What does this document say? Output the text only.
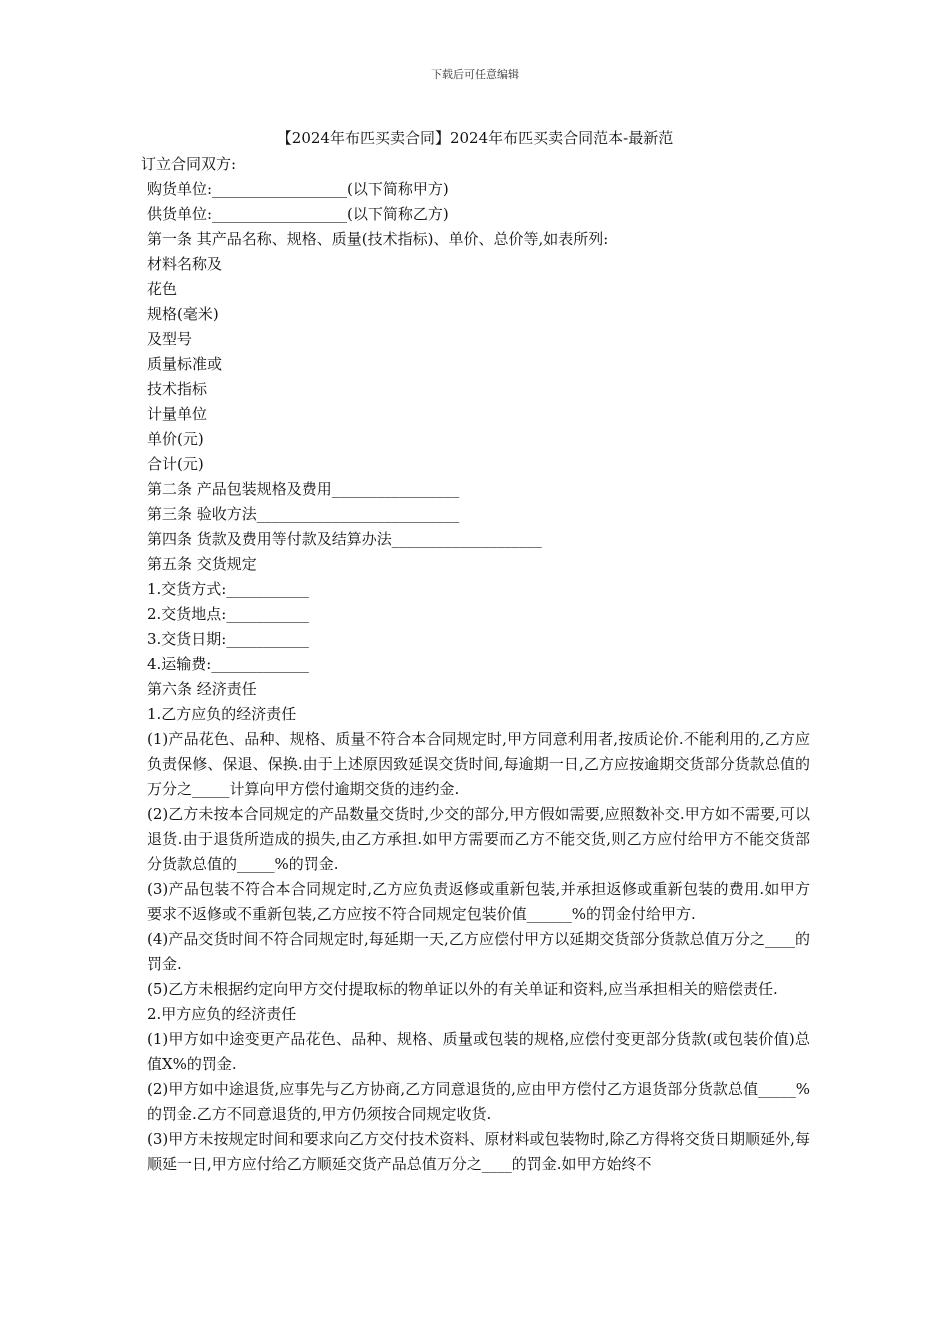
下载后可任意编辑
【2024年布匹买卖合同】2024年布匹买卖合同范本-最新范

订立合同双方:

购货单位:__________________(以下简称甲方)

供货单位:__________________(以下简称乙方)

第一条 其产品名称、规格、质量(技术指标)、单价、总价等,如表所列:

材料名称及

花色

规格(毫米)

及型号

质量标准或

技术指标

计量单位

单价(元)

合计(元)

第二条 产品包装规格及费用_________________

第三条 验收方法___________________________

第四条 货款及费用等付款及结算办法____________________

第五条 交货规定

1.交货方式:___________

2.交货地点:___________

3.交货日期:___________

4.运输费:_____________

第六条 经济责任

1.乙方应负的经济责任

(1)产品花色、品种、规格、质量不符合本合同规定时,甲方同意利用者,按质论价.不能利用的,乙方应负责保修、保退、保换.由于上述原因致延误交货时间,每逾期一日,乙方应按逾期交货部分货款总值的万分之_____计算向甲方偿付逾期交货的违约金.

(2)乙方未按本合同规定的产品数量交货时,少交的部分,甲方假如需要,应照数补交.甲方如不需要,可以退货.由于退货所造成的损失,由乙方承担.如甲方需要而乙方不能交货,则乙方应付给甲方不能交货部分货款总值的_____%的罚金.

(3)产品包装不符合本合同规定时,乙方应负责返修或重新包装,并承担返修或重新包装的费用.如甲方要求不返修或不重新包装,乙方应按不符合同规定包装价值______%的罚金付给甲方.

(4)产品交货时间不符合同规定时,每延期一天,乙方应偿付甲方以延期交货部分货款总值万分之____的罚金.

(5)乙方未根据约定向甲方交付提取标的物单证以外的有关单证和资料,应当承担相关的赔偿责任.

2.甲方应负的经济责任

(1)甲方如中途变更产品花色、品种、规格、质量或包装的规格,应偿付变更部分货款(或包装价值)总值X%的罚金.

(2)甲方如中途退货,应事先与乙方协商,乙方同意退货的,应由甲方偿付乙方退货部分货款总值_____%的罚金.乙方不同意退货的,甲方仍须按合同规定收货.

(3)甲方未按规定时间和要求向乙方交付技术资料、原材料或包装物时,除乙方得将交货日期顺延外,每顺延一日,甲方应付给乙方顺延交货产品总值万分之____的罚金.如甲方始终不
